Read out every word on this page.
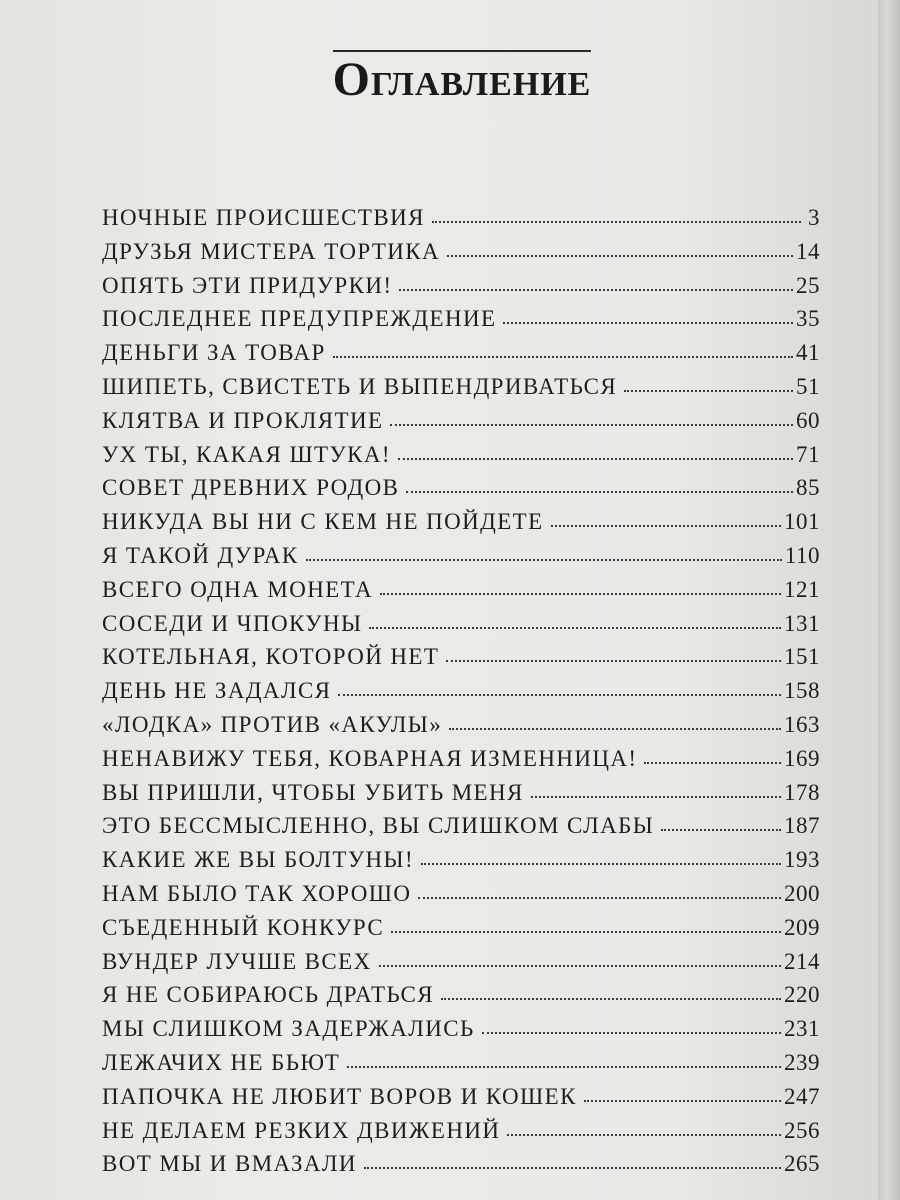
Оглавление
НОЧНЫЕ ПРОИСШЕСТВИЯ	3
ДРУЗЬЯ МИСТЕРА ТОРТИКА	14
ОПЯТЬ ЭТИ ПРИДУРКИ!	25
ПОСЛЕДНЕЕ ПРЕДУПРЕЖДЕНИЕ	35
ДЕНЬГИ ЗА ТОВАР	41
ШИПЕТЬ, СВИСТЕТЬ И ВЫПЕНДРИВАТЬСЯ	51
КЛЯТВА И ПРОКЛЯТИЕ	60
УХ ТЫ, КАКАЯ ШТУКА!	71
СОВЕТ ДРЕВНИХ РОДОВ	85
НИКУДА ВЫ НИ С КЕМ НЕ ПОЙДЕТЕ	101
Я ТАКОЙ ДУРАК	110
ВСЕГО ОДНА МОНЕТА	121
СОСЕДИ И ЧПОКУНЫ	131
КОТЕЛЬНАЯ, КОТОРОЙ НЕТ	151
ДЕНЬ НЕ ЗАДАЛСЯ	158
«ЛОДКА» ПРОТИВ «АКУЛЫ»	163
НЕНАВИЖУ ТЕБЯ, КОВАРНАЯ ИЗМЕННИЦА!	169
ВЫ ПРИШЛИ, ЧТОБЫ УБИТЬ МЕНЯ	178
ЭТО БЕССМЫСЛЕННО, ВЫ СЛИШКОМ СЛАБЫ	187
КАКИЕ ЖЕ ВЫ БОЛТУНЫ!	193
НАМ БЫЛО ТАК ХОРОШО	200
СЪЕДЕННЫЙ КОНКУРС	209
ВУНДЕР ЛУЧШЕ ВСЕХ	214
Я НЕ СОБИРАЮСЬ ДРАТЬСЯ	220
МЫ СЛИШКОМ ЗАДЕРЖАЛИСЬ	231
ЛЕЖАЧИХ НЕ БЬЮТ	239
ПАПОЧКА НЕ ЛЮБИТ ВОРОВ И КОШЕК	247
НЕ ДЕЛАЕМ РЕЗКИХ ДВИЖЕНИЙ	256
ВОТ МЫ И ВМАЗАЛИ	265
